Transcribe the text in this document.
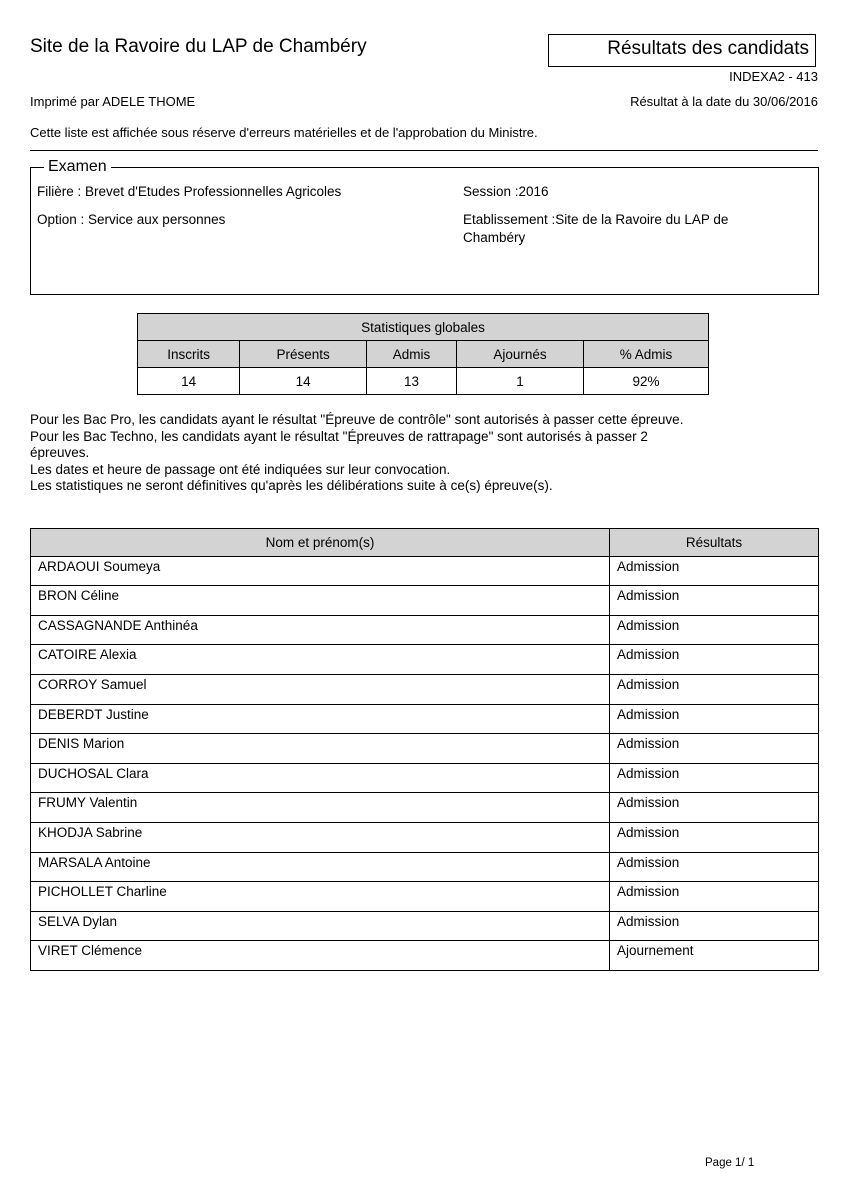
Site de la Ravoire du LAP de Chambéry	Résultats des candidats
INDEXA2 - 413
Imprimé par ADELE THOME	Résultat à la date du 30/06/2016
Cette liste est affichée sous réserve d'erreurs matérielles et de l'approbation du Ministre.
Examen
Filière : Brevet d'Etudes Professionnelles Agricoles	Session :2016
Option : Service aux personnes	Etablissement :Site de la Ravoire du LAP de Chambéry
Statistiques globales				
Inscrits	Présents	Admis	Ajournés	% Admis
14	14	13	1	92%
Pour les Bac Pro, les candidats ayant le résultat "Épreuve de contrôle" sont autorisés à passer cette épreuve. Pour les Bac Techno, les candidats ayant le résultat "Épreuves de rattrapage" sont autorisés à passer 2 épreuves.
Les dates et heure de passage ont été indiquées sur leur convocation.
Les statistiques ne seront définitives qu'après les délibérations suite à ce(s) épreuve(s).
Nom et prénom(s)	Résultats
ARDAOUI Soumeya	Admission
BRON Céline	Admission
CASSAGNANDE Anthinéa	Admission
CATOIRE Alexia	Admission
CORROY Samuel	Admission
DEBERDT Justine	Admission
DENIS Marion	Admission
DUCHOSAL Clara	Admission
FRUMY Valentin	Admission
KHODJA Sabrine	Admission
MARSALA Antoine	Admission
PICHOLLET Charline	Admission
SELVA Dylan	Admission
VIRET Clémence	Ajournement
Page 1/ 1
